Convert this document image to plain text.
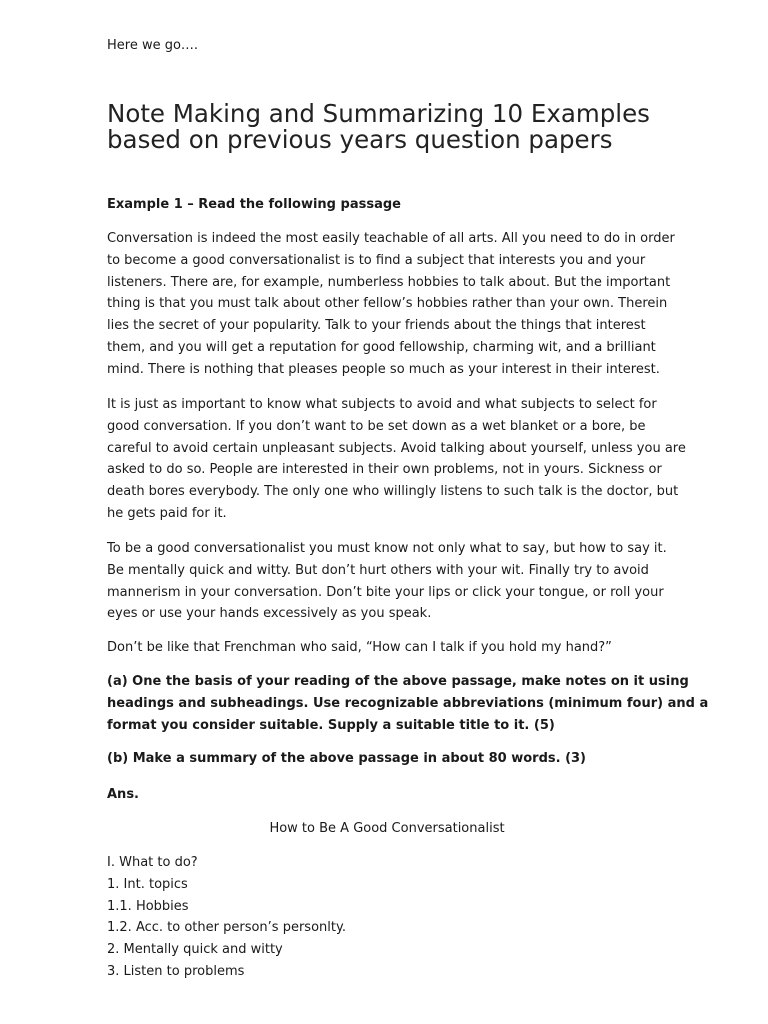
Here we go….
Note Making and Summarizing 10 Examples
based on previous years question papers

Example 1 – Read the following passage

Conversation is indeed the most easily teachable of all arts. All you need to do in order
to become a good conversationalist is to find a subject that interests you and your
listeners. There are, for example, numberless hobbies to talk about. But the important
thing is that you must talk about other fellow’s hobbies rather than your own. Therein
lies the secret of your popularity. Talk to your friends about the things that interest
them, and you will get a reputation for good fellowship, charming wit, and a brilliant
mind. There is nothing that pleases people so much as your interest in their interest.

It is just as important to know what subjects to avoid and what subjects to select for
good conversation. If you don’t want to be set down as a wet blanket or a bore, be
careful to avoid certain unpleasant subjects. Avoid talking about yourself, unless you are
asked to do so. People are interested in their own problems, not in yours. Sickness or
death bores everybody. The only one who willingly listens to such talk is the doctor, but
he gets paid for it.

To be a good conversationalist you must know not only what to say, but how to say it.
Be mentally quick and witty. But don’t hurt others with your wit. Finally try to avoid
mannerism in your conversation. Don’t bite your lips or click your tongue, or roll your
eyes or use your hands excessively as you speak.

Don’t be like that Frenchman who said, “How can I talk if you hold my hand?”

(a) One the basis of your reading of the above passage, make notes on it using
headings and subheadings. Use recognizable abbreviations (minimum four) and a
format you consider suitable. Supply a suitable title to it. (5)

(b) Make a summary of the above passage in about 80 words. (3)

Ans.

How to Be A Good Conversationalist

I. What to do?
1. Int. topics
1.1. Hobbies
1.2. Acc. to other person’s personlty.
2. Mentally quick and witty
3. Listen to problems
